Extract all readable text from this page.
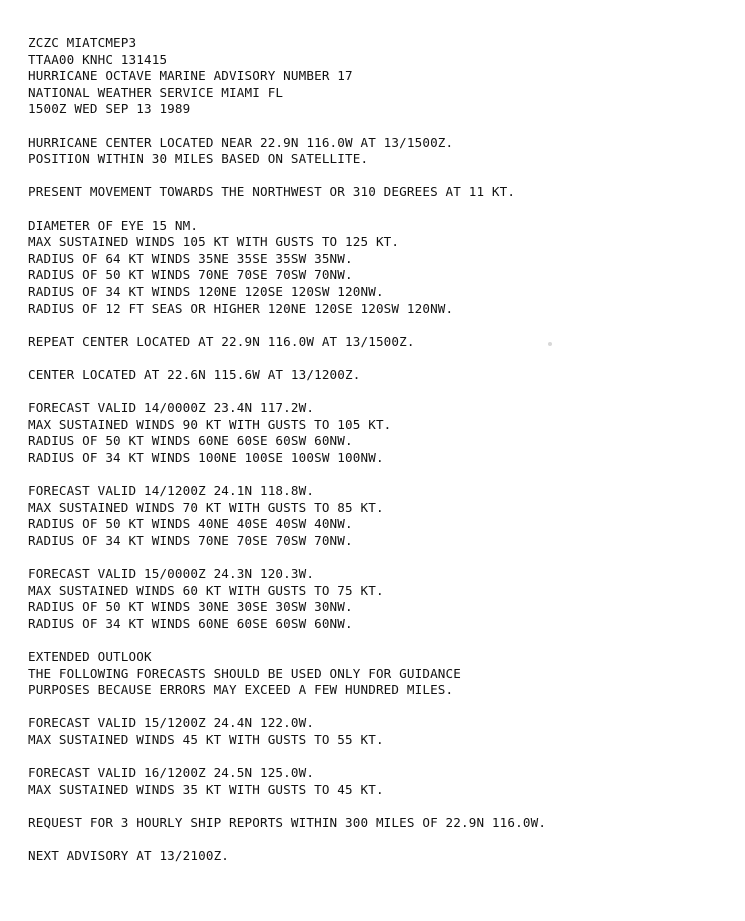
ZCZC MIATCMEP3
TTAA00 KNHC 131415
HURRICANE OCTAVE MARINE ADVISORY NUMBER 17
NATIONAL WEATHER SERVICE MIAMI FL
1500Z WED SEP 13 1989
HURRICANE CENTER LOCATED NEAR 22.9N 116.0W AT 13/1500Z.
POSITION WITHIN 30 MILES BASED ON SATELLITE.
PRESENT MOVEMENT TOWARDS THE NORTHWEST OR 310 DEGREES AT 11 KT.
DIAMETER OF EYE 15 NM.
MAX SUSTAINED WINDS 105 KT WITH GUSTS TO 125 KT.
RADIUS OF 64 KT WINDS 35NE 35SE 35SW 35NW.
RADIUS OF 50 KT WINDS 70NE 70SE 70SW 70NW.
RADIUS OF 34 KT WINDS 120NE 120SE 120SW 120NW.
RADIUS OF 12 FT SEAS OR HIGHER 120NE 120SE 120SW 120NW.
REPEAT CENTER LOCATED AT 22.9N 116.0W AT 13/1500Z.
CENTER LOCATED AT 22.6N 115.6W AT 13/1200Z.
FORECAST VALID 14/0000Z 23.4N 117.2W.
MAX SUSTAINED WINDS 90 KT WITH GUSTS TO 105 KT.
RADIUS OF 50 KT WINDS 60NE 60SE 60SW 60NW.
RADIUS OF 34 KT WINDS 100NE 100SE 100SW 100NW.
FORECAST VALID 14/1200Z 24.1N 118.8W.
MAX SUSTAINED WINDS 70 KT WITH GUSTS TO 85 KT.
RADIUS OF 50 KT WINDS 40NE 40SE 40SW 40NW.
RADIUS OF 34 KT WINDS 70NE 70SE 70SW 70NW.
FORECAST VALID 15/0000Z 24.3N 120.3W.
MAX SUSTAINED WINDS 60 KT WITH GUSTS TO 75 KT.
RADIUS OF 50 KT WINDS 30NE 30SE 30SW 30NW.
RADIUS OF 34 KT WINDS 60NE 60SE 60SW 60NW.
EXTENDED OUTLOOK
THE FOLLOWING FORECASTS SHOULD BE USED ONLY FOR GUIDANCE
PURPOSES BECAUSE ERRORS MAY EXCEED A FEW HUNDRED MILES.
FORECAST VALID 15/1200Z 24.4N 122.0W.
MAX SUSTAINED WINDS 45 KT WITH GUSTS TO 55 KT.
FORECAST VALID 16/1200Z 24.5N 125.0W.
MAX SUSTAINED WINDS 35 KT WITH GUSTS TO 45 KT.
REQUEST FOR 3 HOURLY SHIP REPORTS WITHIN 300 MILES OF 22.9N 116.0W.
NEXT ADVISORY AT 13/2100Z.
